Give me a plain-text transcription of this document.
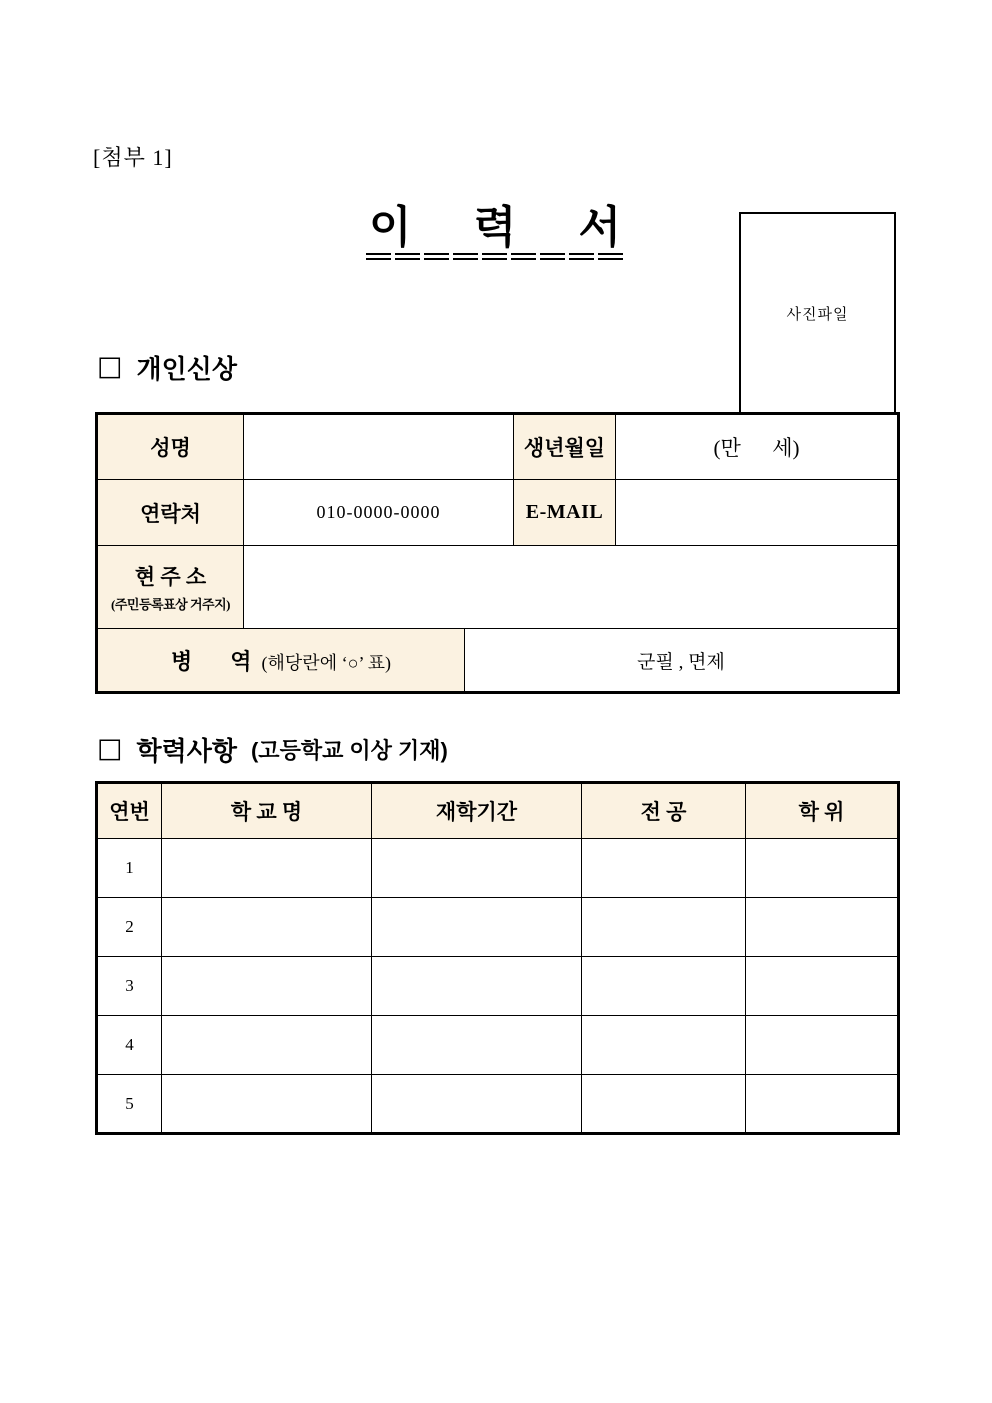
[첨부 1]
이 력 서
사진파일
□ 개인신상
성명			생년월일	(만      세)
연락처	010-0000-0000		E-MAIL	

현 주 소
(주민등록표상 거주지)				

병 역 (해당란에 ‘○’ 표)		군필 , 면제		
□ 학력사항 (고등학교 이상 기재)
연번	학 교 명	재학기간	전 공	학 위
1				
2				
3				
4				
5				
